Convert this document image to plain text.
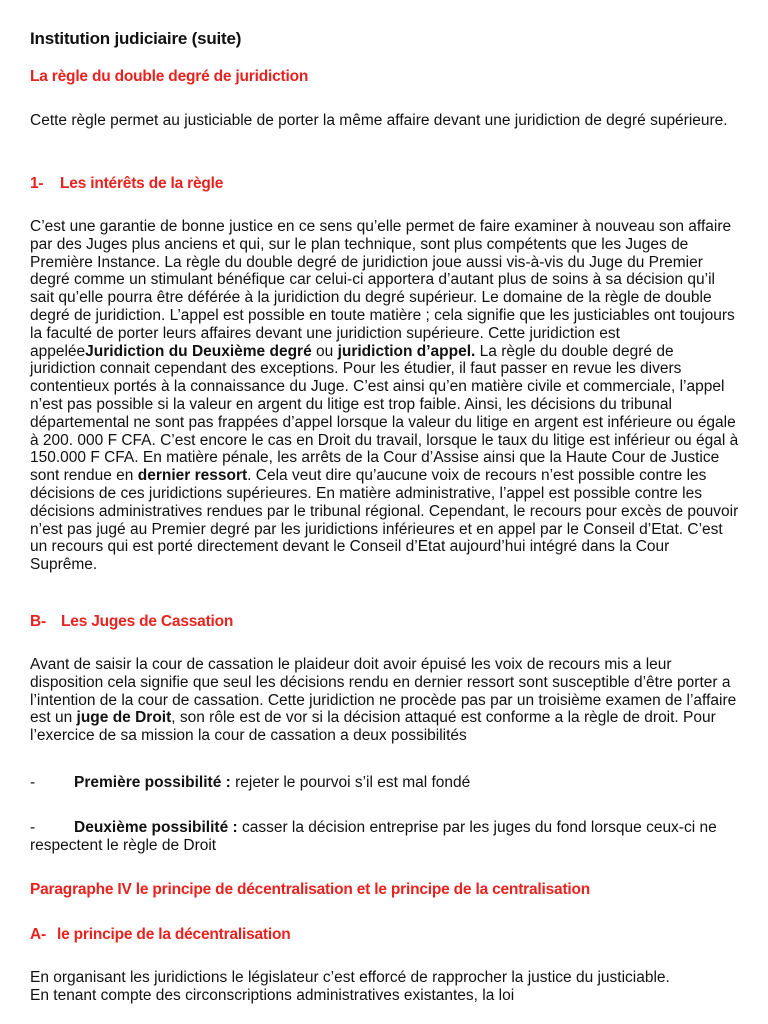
Institution judiciaire (suite)
La règle du double degré de juridiction

Cette règle permet au justiciable de porter la même affaire devant une juridiction de degré supérieure.

1- Les intérêts de la règle

C’est une garantie de bonne justice en ce sens qu’elle permet de faire examiner à nouveau son affaire par des Juges plus anciens et qui, sur le plan technique, sont plus compétents que les Juges de Première Instance. La règle du double degré de juridiction joue aussi vis-à-vis du Juge du Premier degré comme un stimulant bénéfique car celui-ci apportera d’autant plus de soins à sa décision qu’il sait qu’elle pourra être déférée à la juridiction du degré supérieur. Le domaine de la règle de double degré de juridiction. L’appel est possible en toute matière ; cela signifie que les justiciables ont toujours la faculté de porter leurs affaires devant une juridiction supérieure. Cette juridiction est appeléeJuridiction du Deuxième degré ou juridiction d’appel. La règle du double degré de juridiction connait cependant des exceptions. Pour les étudier, il faut passer en revue les divers contentieux portés à la connaissance du Juge. C’est ainsi qu’en matière civile et commerciale, l’appel n’est pas possible si la valeur en argent du litige est trop faible. Ainsi, les décisions du tribunal départemental ne sont pas frappées d’appel lorsque la valeur du litige en argent est inférieure ou égale à 200. 000 F CFA. C’est encore le cas en Droit du travail, lorsque le taux du litige est inférieur ou égal à 150.000 F CFA. En matière pénale, les arrêts de la Cour d’Assise ainsi que la Haute Cour de Justice sont rendue en dernier ressort. Cela veut dire qu’aucune voix de recours n’est possible contre les décisions de ces juridictions supérieures. En matière administrative, l’appel est possible contre les décisions administratives rendues par le tribunal régional. Cependant, le recours pour excès de pouvoir n’est pas jugé au Premier degré par les juridictions inférieures et en appel par le Conseil d’Etat. C’est un recours qui est porté directement devant le Conseil d’Etat aujourd’hui intégré dans la Cour Suprême.

B- Les Juges de Cassation

Avant de saisir la cour de cassation le plaideur doit avoir épuisé les voix de recours mis a leur disposition cela signifie que seul les décisions rendu en dernier ressort sont susceptible d’être porter a l’intention de la cour de cassation. Cette juridiction ne procède pas par un troisième examen de l’affaire est un juge de Droit, son rôle est de vor si la décision attaqué est conforme a la règle de droit. Pour l’exercice de sa mission la cour de cassation a deux possibilités

-	Première possibilité : rejeter le pourvoi s’il est mal fondé

-	Deuxième possibilité : casser la décision entreprise par les juges du fond lorsque ceux-ci ne respectent le règle de Droit

Paragraphe IV le principe de décentralisation et le principe de la centralisation
A- le principe de la décentralisation

En organisant les juridictions le législateur c’est efforcé de rapprocher la justice du justiciable.En tenant compte des circonscriptions administratives existantes, la loi
